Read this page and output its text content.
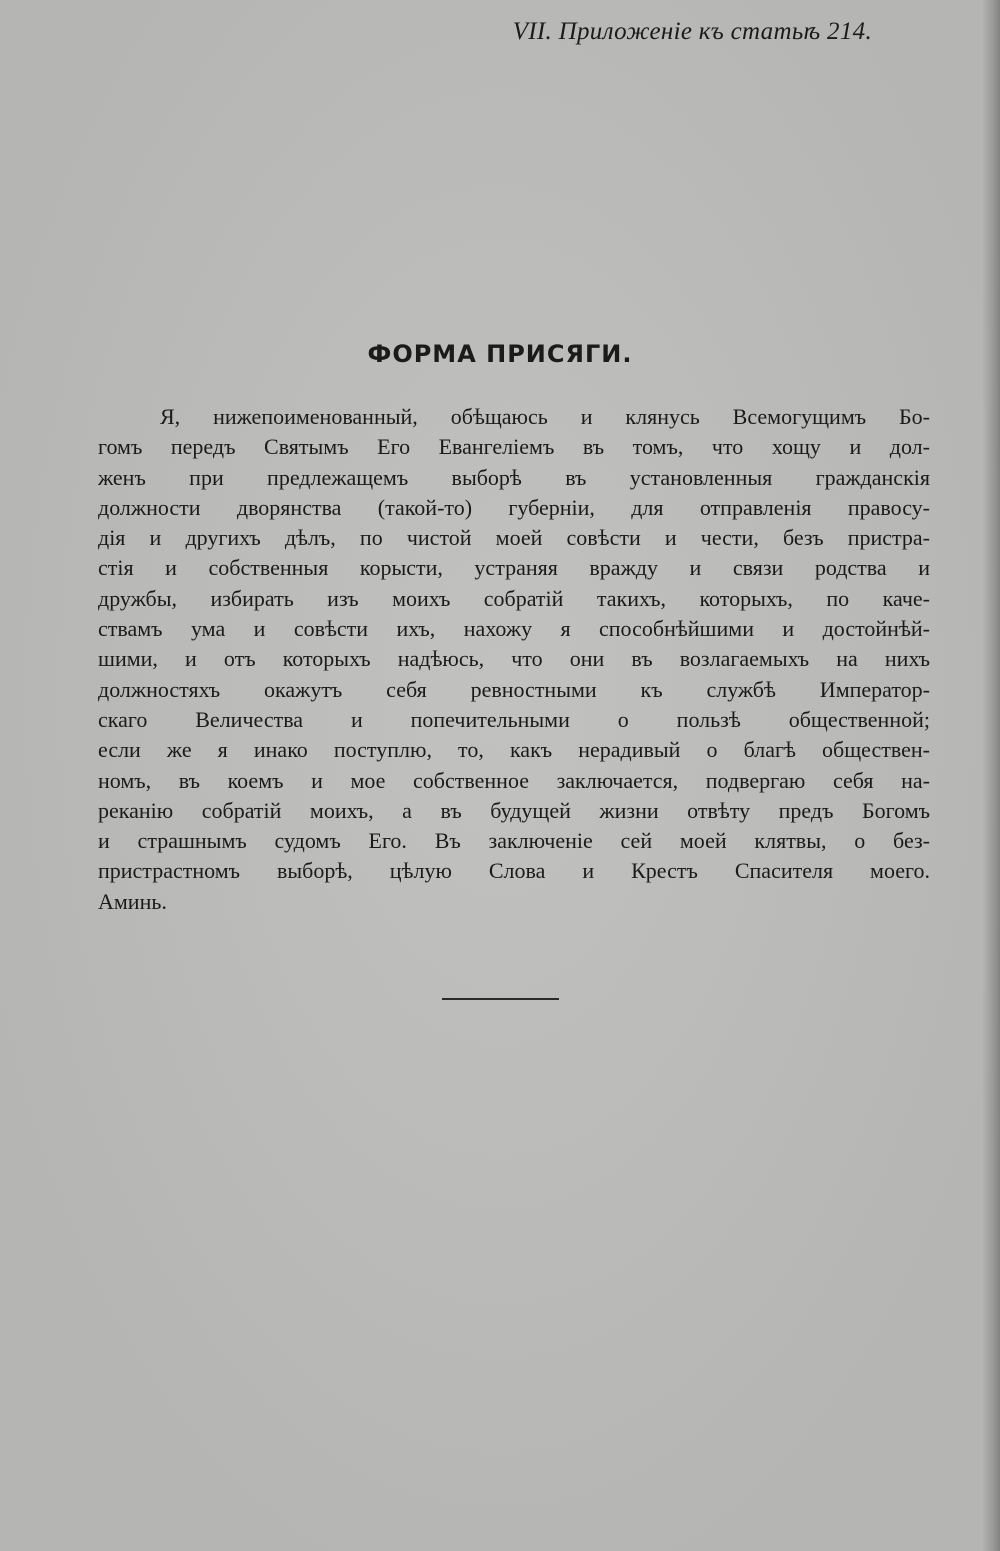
VII. Приложеніе къ статьѣ 214.
ФОРМА ПРИСЯГИ.
Я, нижепоименованный, обѣщаюсь и клянусь Всемогущимъ Бо-
гомъ передъ Святымъ Его Евангеліемъ въ томъ, что хощу и дол-
женъ при предлежащемъ выборѣ въ установленныя гражданскія
должности дворянства (такой-то) губерніи, для отправленія правосу-
дія и другихъ дѣлъ, по чистой моей совѣсти и чести, безъ пристра-
стія и собственныя корысти, устраняя вражду и связи родства и
дружбы, избирать изъ моихъ собратій такихъ, которыхъ, по каче-
ствамъ ума и совѣсти ихъ, нахожу я способнѣйшими и достойнѣй-
шими, и отъ которыхъ надѣюсь, что они въ возлагаемыхъ на нихъ
должностяхъ окажутъ себя ревностными къ службѣ Император-
скаго Величества и попечительными о пользѣ общественной;
если же я инако поступлю, то, какъ нерадивый о благѣ обществен-
номъ, въ коемъ и мое собственное заключается, подвергаю себя на-
реканію собратій моихъ, а въ будущей жизни отвѣту предъ Богомъ
и страшнымъ судомъ Его. Въ заключеніе сей моей клятвы, о без-
пристрастномъ выборѣ, цѣлую Слова и Крестъ Спасителя моего.
Аминь.
